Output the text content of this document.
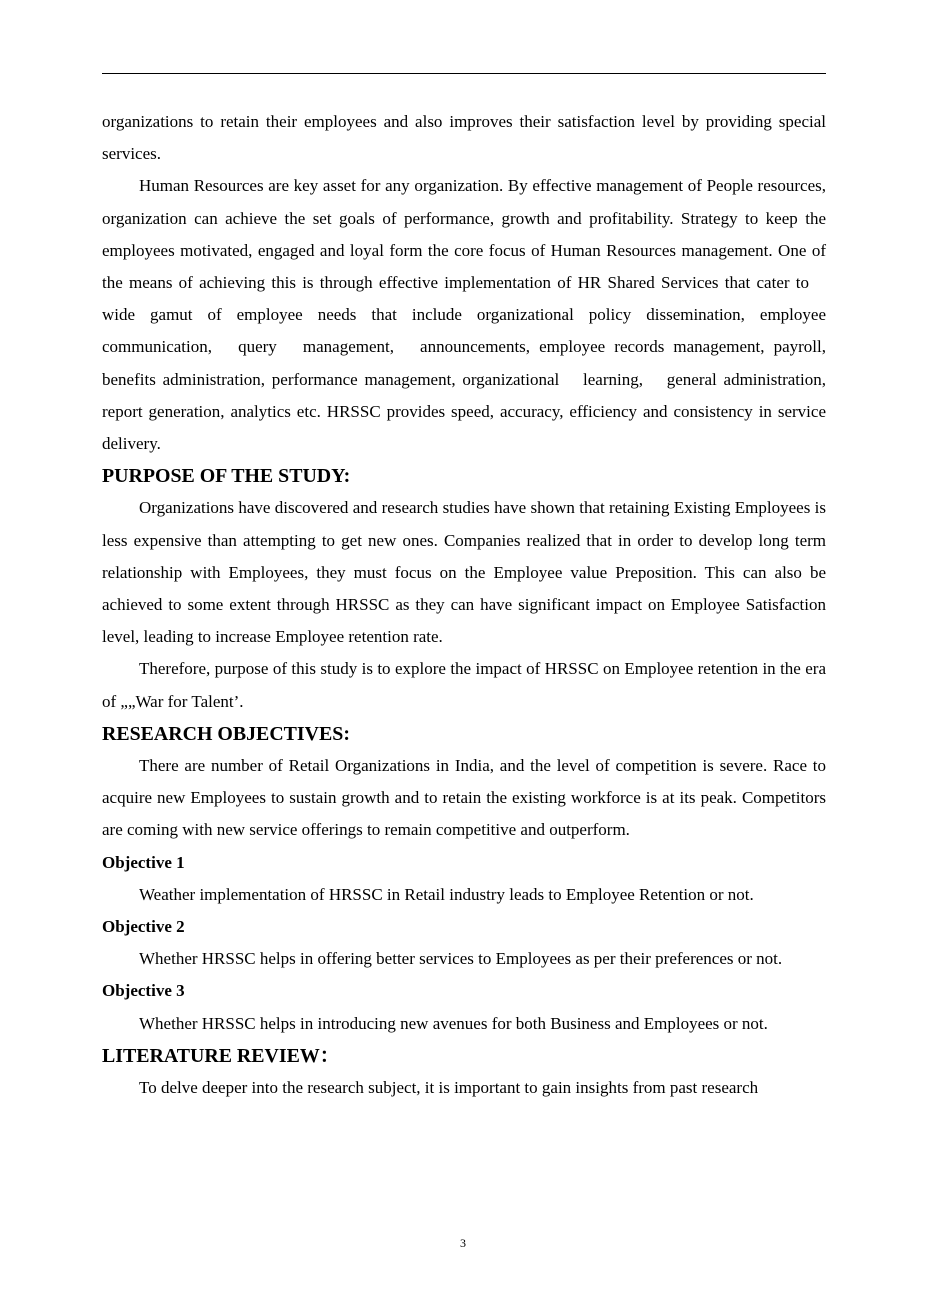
organizations to retain their employees and also improves their satisfaction level by providing special services.

Human Resources are key asset for any organization. By effective management of People resources, organization can achieve the set goals of performance, growth and profitability. Strategy to keep the employees motivated, engaged and loyal form the core focus of Human Resources management. One of the means of achieving this is through effective implementation of HR Shared Services that cater to  wide gamut of employee needs that include organizational policy dissemination, employee communication,  query  management,  announcements, employee records management, payroll, benefits administration, performance management, organizational  learning,  general administration, report generation, analytics etc. HRSSC provides speed, accuracy, efficiency and consistency in service delivery.

PURPOSE OF THE STUDY:

Organizations have discovered and research studies have shown that retaining Existing Employees is less expensive than attempting to get new ones. Companies realized that in order to develop long term relationship with Employees, they must focus on the Employee value Preposition. This can also be achieved to some extent through HRSSC as they can have significant impact on Employee Satisfaction level, leading to increase Employee retention rate.

Therefore, purpose of this study is to explore the impact of HRSSC on Employee retention in the era of „„War for Talent’.

RESEARCH OBJECTIVES:

There are number of Retail Organizations in India, and the level of competition is severe. Race to acquire new Employees to sustain growth and to retain the existing workforce is at its peak. Competitors are coming with new service offerings to remain competitive and outperform.

Objective 1

Weather implementation of HRSSC in Retail industry leads to Employee Retention or not.

Objective 2

Whether HRSSC helps in offering better services to Employees as per their preferences or not.

Objective 3

Whether HRSSC helps in introducing new avenues for both Business and Employees or not.

LITERATURE REVIEW：

To delve deeper into the research subject, it is important to gain insights from past research

3
